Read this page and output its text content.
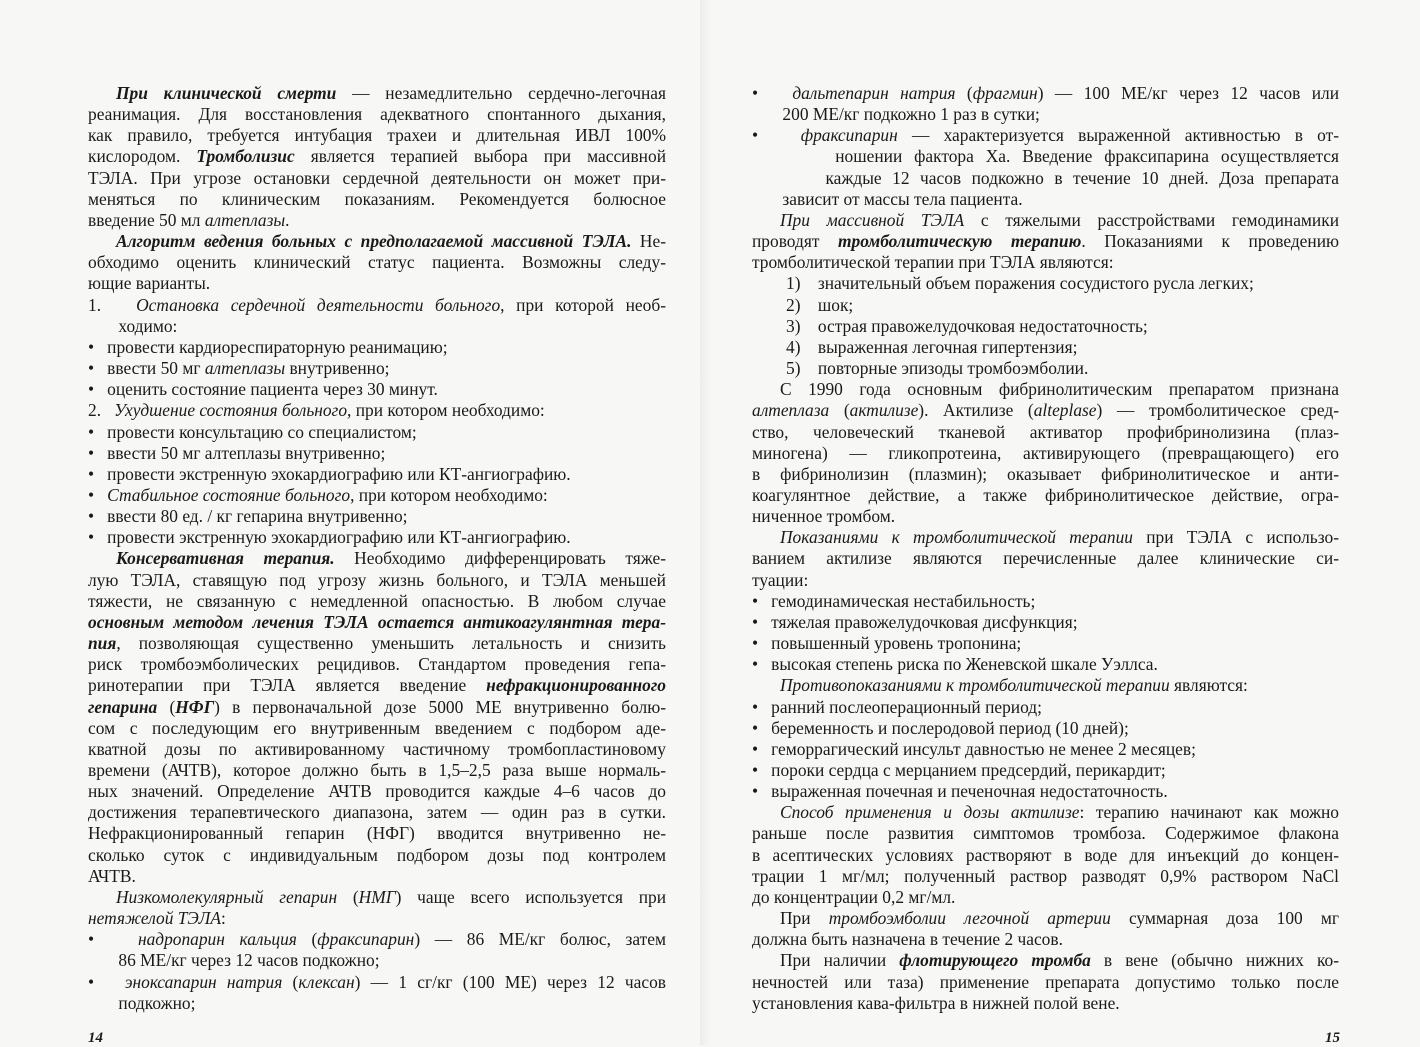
При клинической смерти — незамедлительно сердечно-легочная

реанимация. Для восстановления адекватного спонтанного дыхания,

как правило, требуется интубация трахеи и длительная ИВЛ 100%

кислородом. Тромболизис является терапией выбора при массивной

ТЭЛА. При угрозе остановки сердечной деятельности он может при-

меняться по клиническим показаниям. Рекомендуется болюсное

введение 50 мл алтеплазы.

Алгоритм ведения больных с предполагаемой массивной ТЭЛА. Не-

обходимо оценить клинический статус пациента. Возможны следу-

ющие варианты.

1.   Остановка сердечной деятельности больного, при которой необ-

ходимо:

•   провести кардиореспираторную реанимацию;

•   ввести 50 мг алтеплазы внутривенно;

•   оценить состояние пациента через 30 минут.

2.   Ухудшение состояния больного, при котором необходимо:

•   провести консультацию со специалистом;

•   ввести 50 мг алтеплазы внутривенно;

•   провести экстренную эхокардиографию или КТ-ангиографию.

•   Стабильное состояние больного, при котором необходимо:

•   ввести 80 ед. / кг гепарина внутривенно;

•   провести экстренную эхокардиографию или КТ-ангиографию.

Консервативная терапия. Необходимо дифференцировать тяже-

лую ТЭЛА, ставящую под угрозу жизнь больного, и ТЭЛА меньшей

тяжести, не связанную с немедленной опасностью. В любом случае

основным методом лечения ТЭЛА остается антикоагулянтная тера-

пия, позволяющая существенно уменьшить летальность и снизить

риск тромбоэмболических рецидивов. Стандартом проведения гепа-

ринотерапии при ТЭЛА является введение нефракционированного

гепарина (НФГ) в первоначальной дозе 5000 МЕ внутривенно болю-

сом с последующим его внутривенным введением с подбором аде-

кватной дозы по активированному частичному тромбопластиновому

времени (АЧТВ), которое должно быть в 1,5–2,5 раза выше нормаль-

ных значений. Определение АЧТВ проводится каждые 4–6 часов до

достижения терапевтического диапазона, затем — один раз в сутки.

Нефракционированный гепарин (НФГ) вводится внутривенно не-

сколько суток с индивидуальным подбором дозы под контролем

АЧТВ.

Низкомолекулярный гепарин (НМГ) чаще всего используется при

нетяжелой ТЭЛА:

•   надропарин кальция (фраксипарин) — 86 МЕ/кг болюс, затем

86 МЕ/кг через 12 часов подкожно;

•   эноксапарин натрия (клексан) — 1 сг/кг (100 МЕ) через 12 часов

подкожно;

14

•   дальтепарин натрия (фрагмин) — 100 МЕ/кг через 12 часов или

200 МЕ/кг подкожно 1 раз в сутки;

•   фраксипарин — характеризуется выраженной активностью в от-

ношении фактора Ха. Введение фраксипарина осуществляется

каждые 12 часов подкожно в течение 10 дней. Доза препарата

зависит от массы тела пациента.

При массивной ТЭЛА с тяжелыми расстройствами гемодинамики

проводят тромболитическую терапию. Показаниями к проведению

тромболитической терапии при ТЭЛА являются:

1)    значительный объем поражения сосудистого русла легких;

2)    шок;

3)    острая правожелудочковая недостаточность;

4)    выраженная легочная гипертензия;

5)    повторные эпизоды тромбоэмболии.

С 1990 года основным фибринолитическим препаратом признана

алтеплаза (актилизе). Актилизе (alteplase) — тромболитическое сред-

ство, человеческий тканевой активатор профибринолизина (плаз-

миногена) — гликопротеина, активирующего (превращающего) его

в фибринолизин (плазмин); оказывает фибринолитическое и анти-

коагулянтное действие, а также фибринолитическое действие, огра-

ниченное тромбом.

Показаниями к тромболитической терапии при ТЭЛА с использо-

ванием актилизе являются перечисленные далее клинические си-

туации:

•   гемодинамическая нестабильность;

•   тяжелая правожелудочковая дисфункция;

•   повышенный уровень тропонина;

•   высокая степень риска по Женевской шкале Уэллса.

Противопоказаниями к тромболитической терапии являются:

•   ранний послеоперационный период;

•   беременность и послеродовой период (10 дней);

•   геморрагический инсульт давностью не менее 2 месяцев;

•   пороки сердца с мерцанием предсердий, перикардит;

•   выраженная почечная и печеночная недостаточность.

Способ применения и дозы актилизе: терапию начинают как можно

раньше после развития симптомов тромбоза. Содержимое флакона

в асептических условиях растворяют в воде для инъекций до концен-

трации 1 мг/мл; полученный раствор разводят 0,9% раствором NaCl

до концентрации 0,2 мг/мл.

При тромбоэмболии легочной артерии суммарная доза 100 мг

должна быть назначена в течение 2 часов.

При наличии флотирующего тромба в вене (обычно нижних ко-

нечностей или таза) применение препарата допустимо только после

установления кава-фильтра в нижней полой вене.

15
